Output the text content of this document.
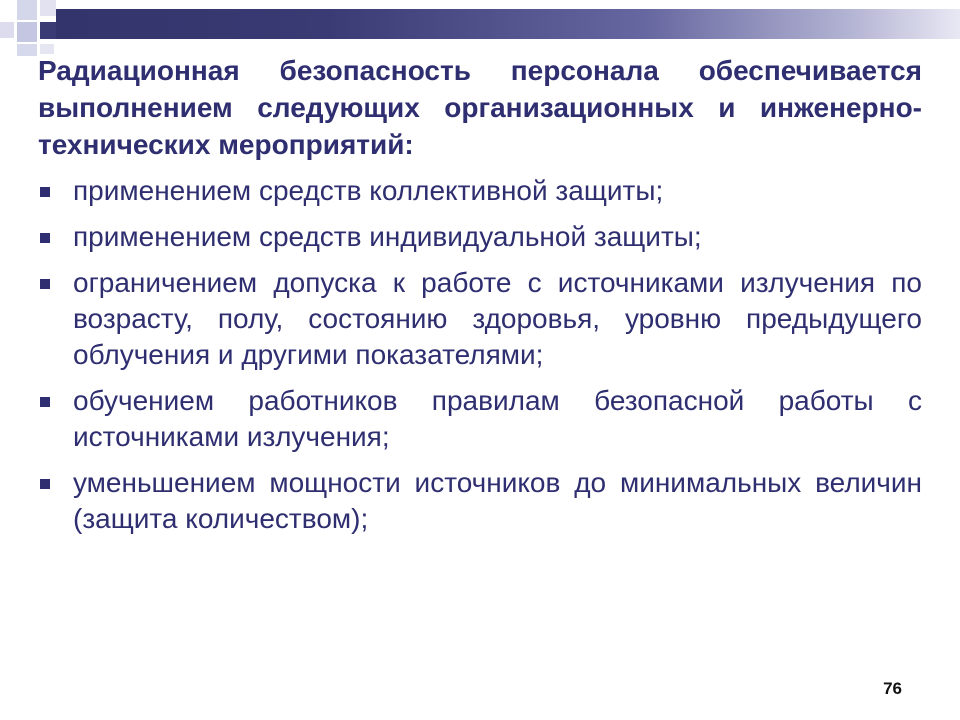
Радиационная безопасность персонала обеспечивается выполнением следующих организационных и инженерно-технических мероприятий:

применением средств коллективной защиты;
применением средств индивидуальной защиты;
ограничением допуска к работе с источниками излучения по возрасту, полу, состоянию здоровья, уровню предыдущего облучения и другими показателями;
обучением работников правилам безопасной работы с источниками излучения;
уменьшением мощности источников до минимальных величин (защита количеством);
76
